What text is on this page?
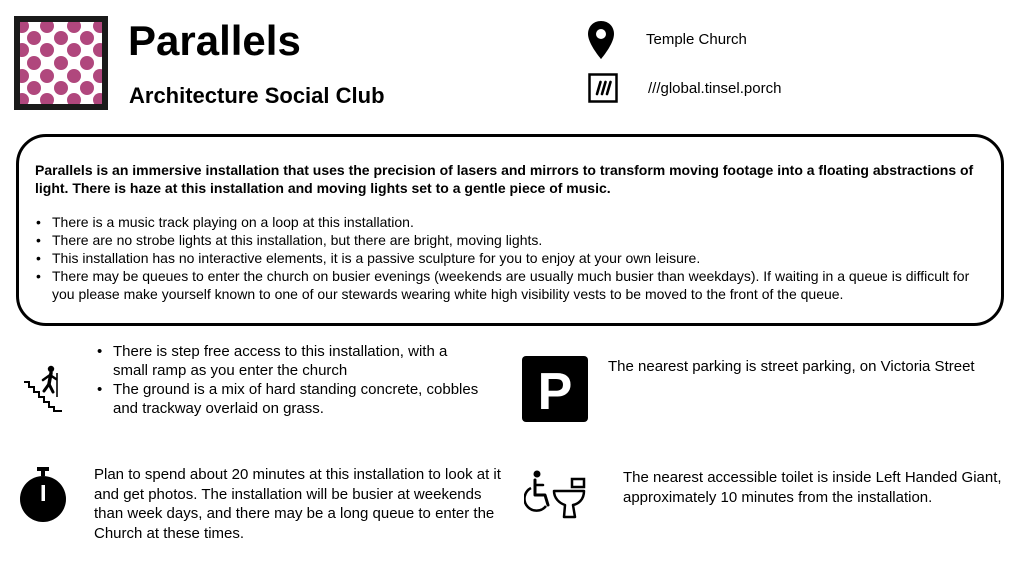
Parallels
Architecture Social Club
Temple Church
///global.tinsel.porch

Parallels is an immersive installation that uses the precision of lasers and mirrors to transform moving footage into a floating abstractions of light. There is haze at this installation and moving lights set to a gentle piece of music.

• There is a music track playing on a loop at this installation.
• There are no strobe lights at this installation, but there are bright, moving lights.
• This installation has no interactive elements, it is a passive sculpture for you to enjoy at your own leisure.
• There may be queues to enter the church on busier evenings (weekends are usually much busier than weekdays). If waiting in a queue is difficult for you please make yourself known to one of our stewards wearing white high visibility vests to be moved to the front of the queue.
• There is step free access to this installation, with a small ramp as you enter the church
• The ground is a mix of hard standing concrete, cobbles and trackway overlaid on grass.	P The nearest parking is street parking, on Victoria Street

Plan to spend about 20 minutes at this installation to look at it and get photos. The installation will be busier at weekends than week days, and there may be a long queue to enter the Church at these times.

The nearest accessible toilet is inside Left Handed Giant, approximately 10 minutes from the installation.
